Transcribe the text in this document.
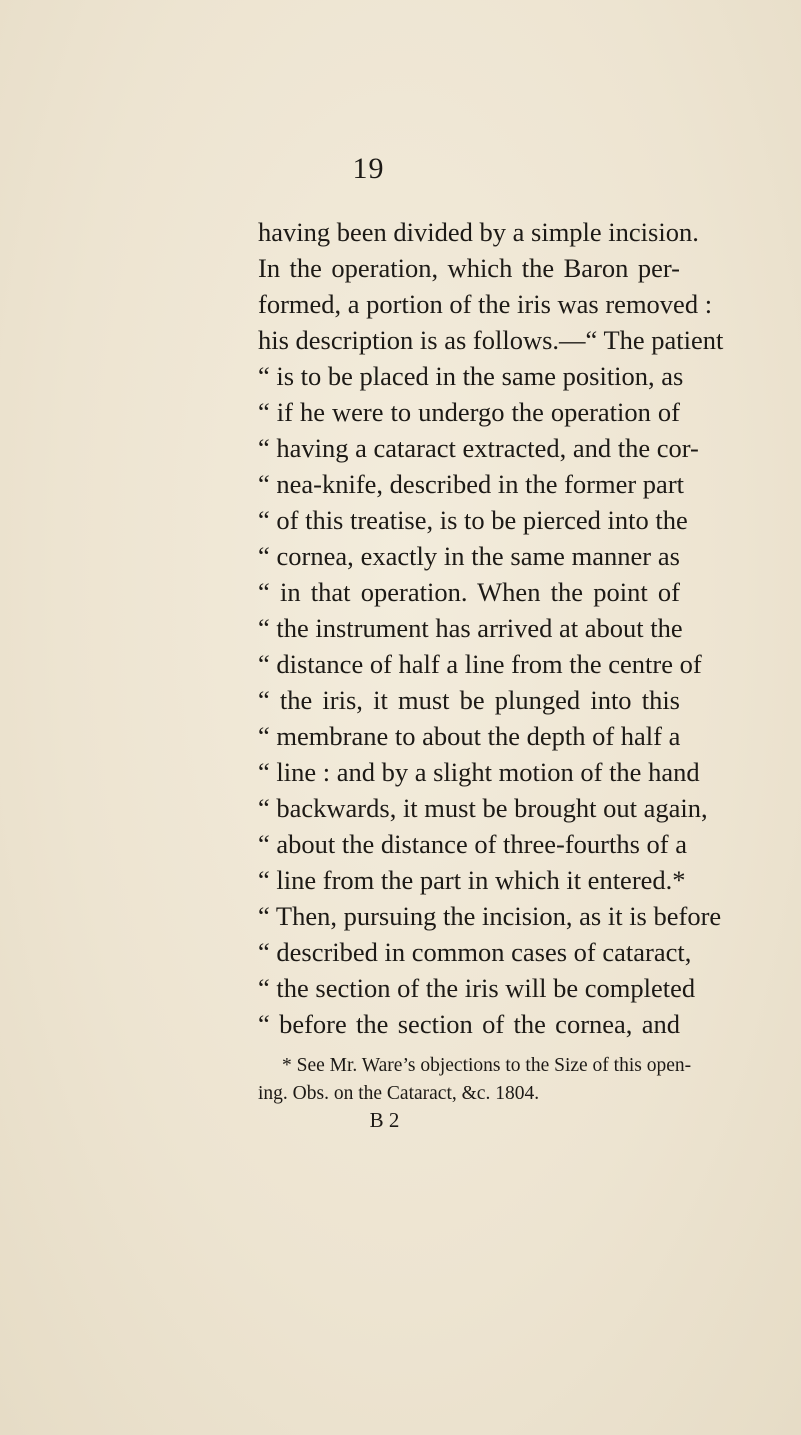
19
having been divided by a simple incision.
In the operation, which the Baron per-
formed, a portion of the iris was removed :
his description is as follows.—“ The patient
“ is to be placed in the same position, as
“ if he were to undergo the operation of
“ having a cataract extracted, and the cor-
“ nea-knife, described in the former part
“ of this treatise, is to be pierced into the
“ cornea, exactly in the same manner as
“ in that operation. When the point of
“ the instrument has arrived at about the
“ distance of half a line from the centre of
“ the iris, it must be plunged into this
“ membrane to about the depth of half a
“ line : and by a slight motion of the hand
“ backwards, it must be brought out again,
“ about the distance of three-fourths of a
“ line from the part in which it entered.*
“ Then, pursuing the incision, as it is before
“ described in common cases of cataract,
“ the section of the iris will be completed
“ before the section of the cornea, and
* See Mr. Ware’s objections to the Size of this open-
ing. Obs. on the Cataract, &c. 1804.
B 2
